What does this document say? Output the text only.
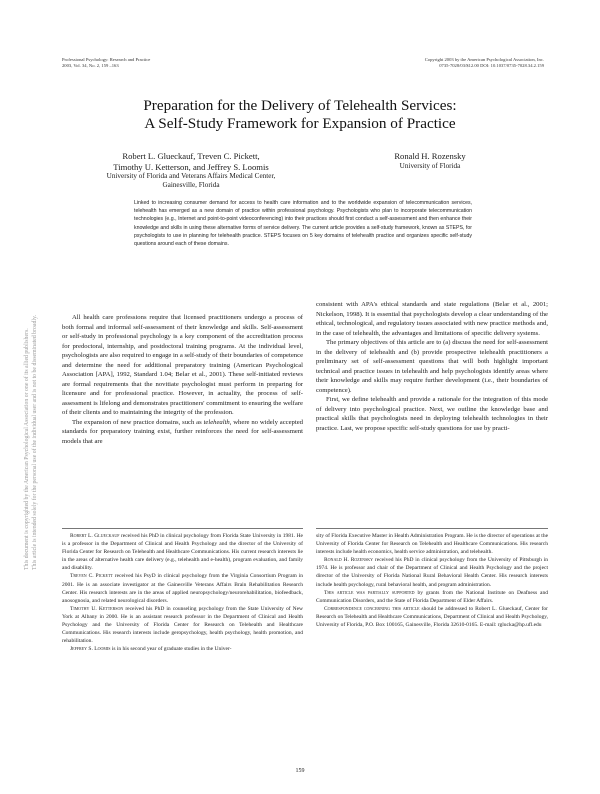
Professional Psychology: Research and Practice
2003, Vol. 34, No. 2, 159 –163
Copyright 2003 by the American Psychological Association, Inc.
0735-7028/03/$12.00 DOI: 10.1037/0735-7028.34.2.159
Preparation for the Delivery of Telehealth Services:
A Self-Study Framework for Expansion of Practice
Robert L. Glueckauf, Treven C. Pickett,
Timothy U. Ketterson, and Jeffrey S. Loomis
University of Florida and Veterans Affairs Medical Center,
Gainesville, Florida
Ronald H. Rozensky
University of Florida
Linked to increasing consumer demand for access to health care information and to the worldwide expansion of telecommunication services, telehealth has emerged as a new domain of practice within professional psychology. Psychologists who plan to incorporate telecommunication technologies (e.g., Internet and point-to-point videoconferencing) into their practices should first conduct a self-assessment and then enhance their knowledge and skills in using these alternative forms of service delivery. The current article provides a self-study framework, known as STEPS, for psychologists to use in planning for telehealth practice. STEPS focuses on 5 key domains of telehealth practice and organizes specific self-study questions around each of these domains.

All health care professions require that licensed practitioners undergo a process of both formal and informal self-assessment of their knowledge and skills. Self-assessment or self-study in professional psychology is a key component of the accreditation process for predoctoral, internship, and postdoctoral training programs. At the individual level, psychologists are also required to engage in a self-study of their boundaries of competence and determine the need for additional preparatory training (American Psychological Association [APA], 1992, Standard 1.04; Belar et al., 2001). These self-initiated reviews are formal requirements that the novitiate psychologist must perform in preparing for licensure and for professional practice. However, in actuality, the process of self-assessment is lifelong and demonstrates practitioners' commitment to ensuring the welfare of their clients and to maintaining the integrity of the profession.

The expansion of new practice domains, such as telehealth, where no widely accepted standards for preparatory training exist, further reinforces the need for self-assessment models that are

consistent with APA's ethical standards and state regulations (Belar et al., 2001; Nickelson, 1998). It is essential that psychologists develop a clear understanding of the ethical, technological, and regulatory issues associated with new practice methods and, in the case of telehealth, the advantages and limitations of specific delivery systems.

The primary objectives of this article are to (a) discuss the need for self-assessment in the delivery of telehealth and (b) provide prospective telehealth practitioners a preliminary set of self-assessment questions that will both highlight important technical and practice issues in telehealth and help psychologists identify areas where their knowledge and skills may require further development (i.e., their boundaries of competence).

First, we define telehealth and provide a rationale for the integration of this mode of delivery into psychological practice. Next, we outline the knowledge base and practical skills that psychologists need in deploying telehealth technologies in their practice. Last, we propose specific self-study questions for use by practi-

Robert L. Glueckauf received his PhD in clinical psychology from Florida State University in 1981. He is a professor in the Department of Clinical and Health Psychology and the director of the University of Florida Center for Research on Telehealth and Healthcare Communications. His current research interests lie in the areas of alternative health care delivery (e.g., telehealth and e-health), program evaluation, and family and disability.

Treven C. Pickett received his PsyD in clinical psychology from the Virginia Consortium Program in 2001. He is an associate investigator at the Gainesville Veterans Affairs Brain Rehabilitation Research Center. His research interests are in the areas of applied neuropsychology/neurorehabilitation, biofeedback, anosognosia, and related neurological disorders.

Timothy U. Ketterson received his PhD in counseling psychology from the State University of New York at Albany in 2000. He is an assistant research professor in the Department of Clinical and Health Psychology and the University of Florida Center for Research on Telehealth and Healthcare Communications. His research interests include geropsychology, health psychology, health promotion, and rehabilitation.

Jeffrey S. Loomis is in his second year of graduate studies in the Univer-

sity of Florida Executive Master in Health Administration Program. He is the director of operations at the University of Florida Center for Research on Telehealth and Healthcare Communications. His research interests include health economics, health service administration, and telehealth.

Ronald H. Rozensky received his PhD in clinical psychology from the University of Pittsburgh in 1974. He is professor and chair of the Department of Clinical and Health Psychology and the project director of the University of Florida National Rural Behavioral Health Center. His research interests include health psychology, rural behavioral health, and program administration.

This article was partially supported by grants from the National Institute on Deafness and Communication Disorders, and the State of Florida Department of Elder Affairs.

Correspondence concerning this article should be addressed to Robert L. Glueckauf, Center for Research on Telehealth and Healthcare Communications, Department of Clinical and Health Psychology, University of Florida, P.O. Box 100165, Gainesville, Florida 32610-0165. E-mail: rglucka@hp.ufl.edu

159
This document is copyrighted by the American Psychological Association or one of its allied publishers. This article is intended solely for the personal use of the individual user and is not to be disseminated broadly.
